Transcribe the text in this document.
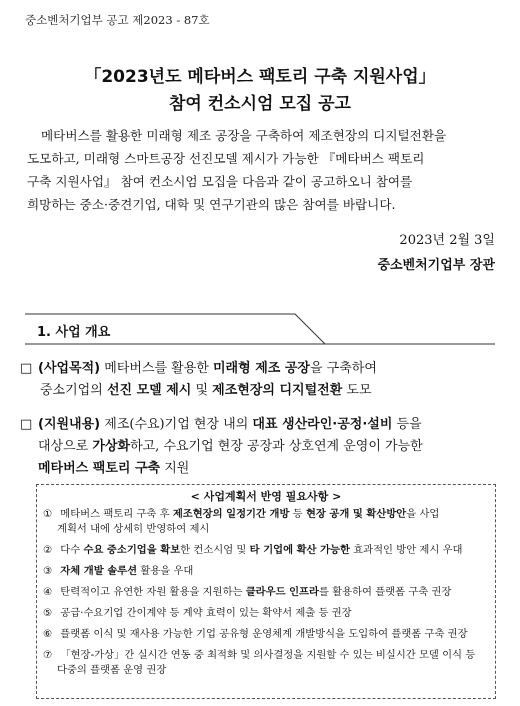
중소벤처기업부 공고 제2023 - 87호
「2023년도 메타버스 팩토리 구축 지원사업」
참여 컨소시엄 모집 공고
메타버스를 활용한 미래형 제조 공장을 구축하여 제조현장의 디지털전환을
도모하고, 미래형 스마트공장 선진모델 제시가 가능한 『메타버스 팩토리
구축 지원사업』 참여 컨소시엄 모집을 다음과 같이 공고하오니 참여를
희망하는 중소·중견기업, 대학 및 연구기관의 많은 참여를 바랍니다.
2023년 2월 3일
중소벤처기업부 장관
1. 사업 개요
□ (사업목적) 메타버스를 활용한 미래형 제조 공장을 구축하여
중소기업의 선진 모델 제시 및 제조현장의 디지털전환 도모
□ (지원내용) 제조(수요)기업 현장 내의 대표 생산라인·공정·설비 등을
대상으로 가상화하고, 수요기업 현장 공장과 상호연계 운영이 가능한
메타버스 팩토리 구축 지원
< 사업계획서 반영 필요사항 >
① 메타버스 팩토리 구축 후 제조현장의 일정기간 개방 등 현장 공개 및 확산방안을 사업
계획서 내에 상세히 반영하여 제시
② 다수 수요 중소기업을 확보한 컨소시엄 및 타 기업에 확산 가능한 효과적인 방안 제시 우대
③ 자체 개발 솔루션 활용을 우대
④ 탄력적이고 유연한 자원 활용을 지원하는 클라우드 인프라를 활용하여 플랫폼 구축 권장
⑤ 공급·수요기업 간이계약 등 계약 효력이 있는 확약서 제출 등 권장
⑥ 플랫폼 이식 및 재사용 가능한 기업 공유형 운영체계 개발방식을 도입하여 플랫폼 구축 권장
⑦ 「현장-가상」간 실시간 연동 중 최적화 및 의사결정을 지원할 수 있는 비실시간 모델 이식 등
다중의 플랫폼 운영 권장
